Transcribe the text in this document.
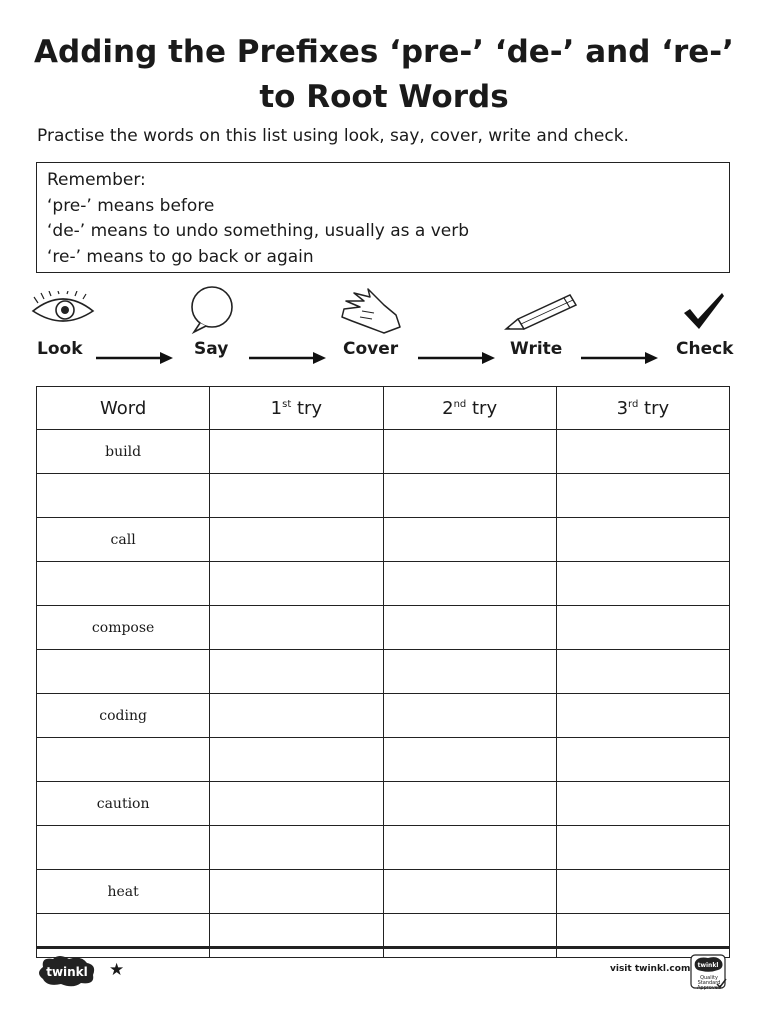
Adding the Prefixes ‘pre-’ ‘de-’ and ‘re-’
to Root Words

Practise the words on this list using look, say, cover, write and check.

Remember:
‘pre-’ means before
‘de-’ means to undo something, usually as a verb
‘re-’ means to go back or again
Look	Say	Cover	Write	Check
Word	1st try	2nd try	3rd try
build			

call			

compose			

coding			

caution			

heat			

twinkl ★	visit twinkl.com twinkl
Quality Standard
Approved
